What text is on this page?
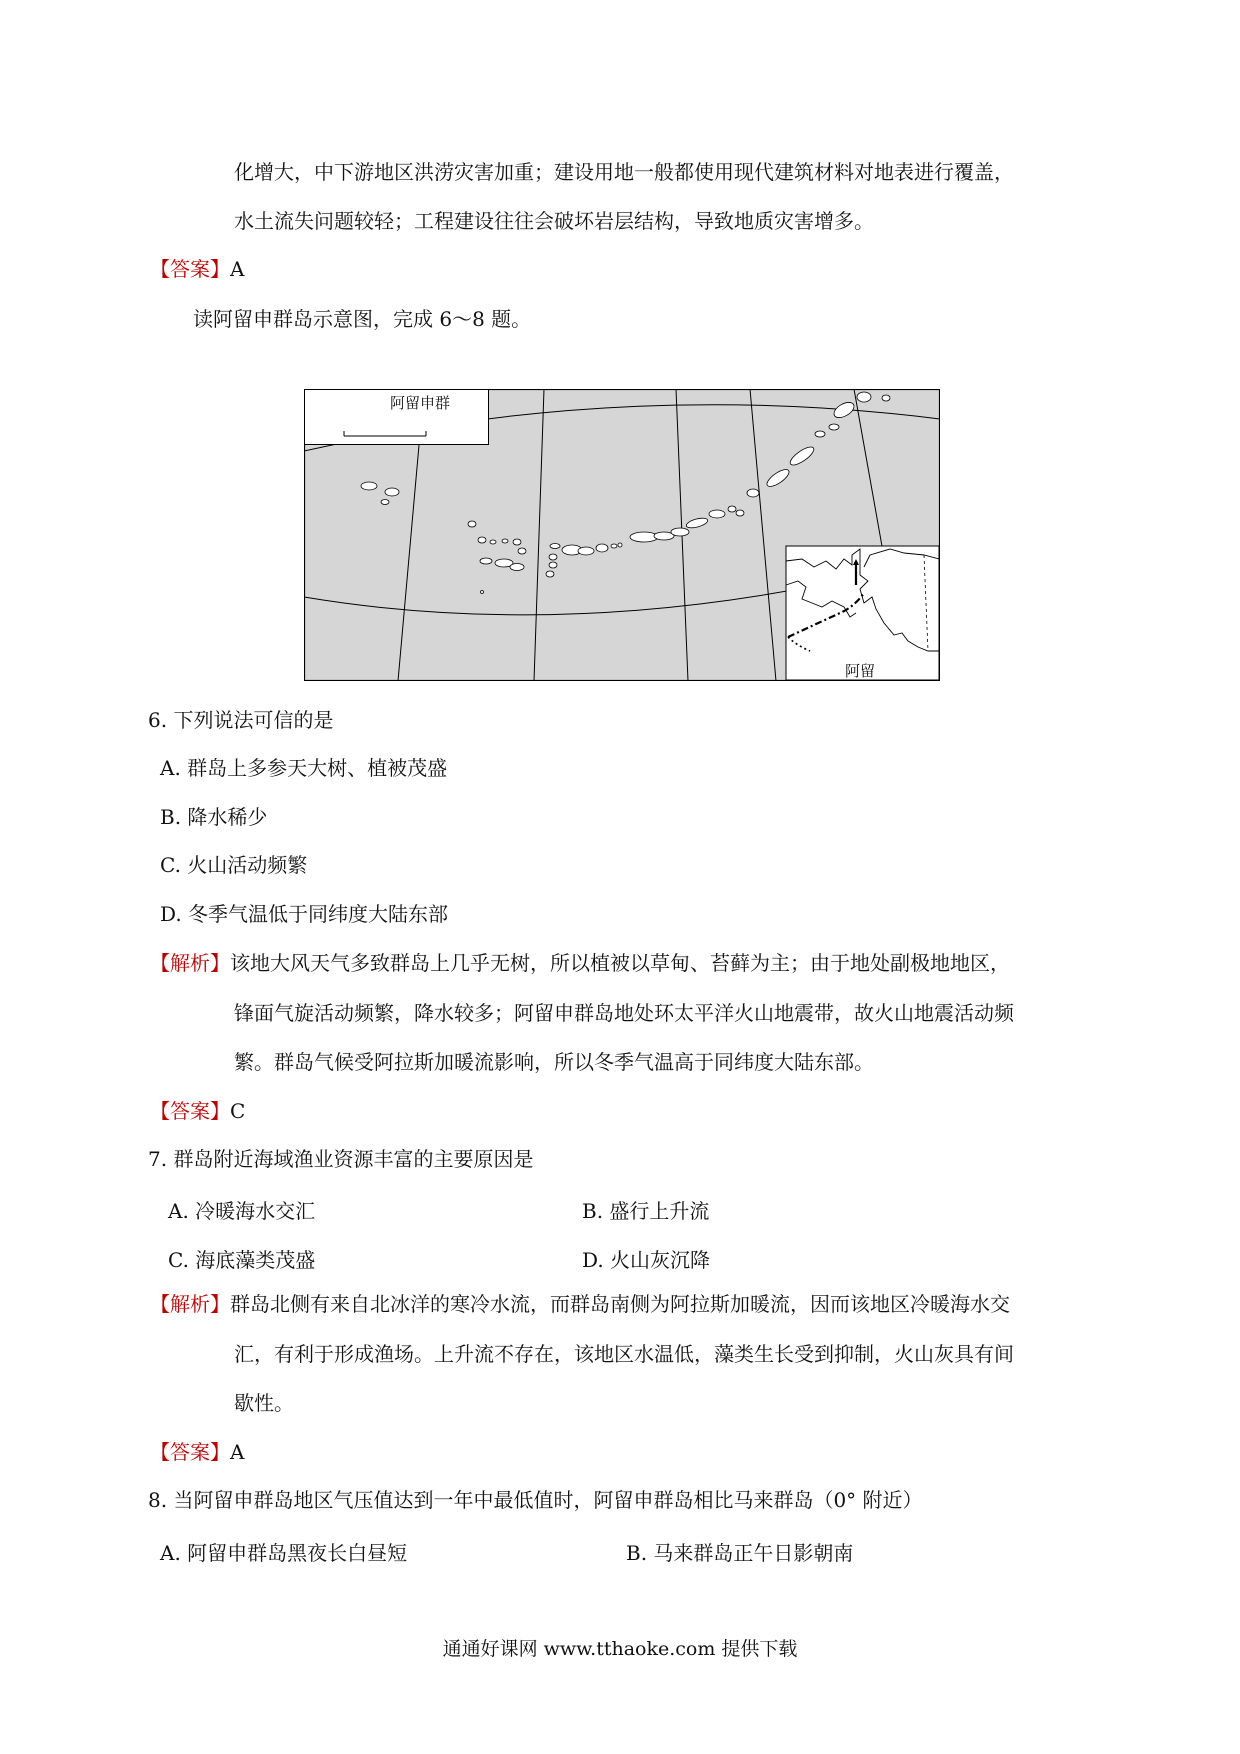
化增大，中下游地区洪涝灾害加重；建设用地一般都使用现代建筑材料对地表进行覆盖，
水土流失问题较轻；工程建设往往会破坏岩层结构，导致地质灾害增多。
【答案】A
读阿留申群岛示意图，完成 6～8 题。
阿留申群
阿留
6. 下列说法可信的是
A. 群岛上多参天大树、植被茂盛
B. 降水稀少
C. 火山活动频繁
D. 冬季气温低于同纬度大陆东部
【解析】该地大风天气多致群岛上几乎无树，所以植被以草甸、苔藓为主；由于地处副极地地区，
锋面气旋活动频繁，降水较多；阿留申群岛地处环太平洋火山地震带，故火山地震活动频
繁。群岛气候受阿拉斯加暖流影响，所以冬季气温高于同纬度大陆东部。
【答案】C
7. 群岛附近海域渔业资源丰富的主要原因是
A. 冷暖海水交汇	B. 盛行上升流
C. 海底藻类茂盛	D. 火山灰沉降
【解析】群岛北侧有来自北冰洋的寒冷水流，而群岛南侧为阿拉斯加暖流，因而该地区冷暖海水交
汇，有利于形成渔场。上升流不存在，该地区水温低，藻类生长受到抑制，火山灰具有间
歇性。
【答案】A
8. 当阿留申群岛地区气压值达到一年中最低值时，阿留申群岛相比马来群岛（0° 附近）
A. 阿留申群岛黑夜长白昼短	B. 马来群岛正午日影朝南
通通好课网 www.tthaoke.com 提供下载
